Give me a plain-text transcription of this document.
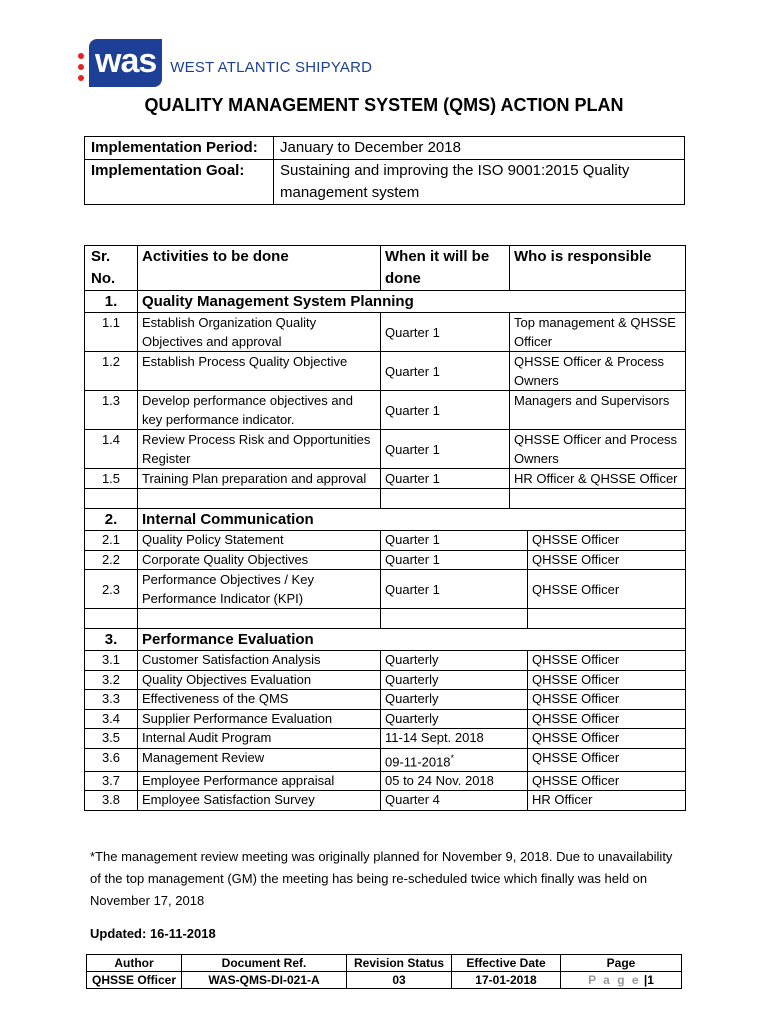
was WEST ATLANTIC SHIPYARD
QUALITY MANAGEMENT SYSTEM (QMS) ACTION PLAN
Implementation Period:	January to December 2018
Implementation Goal:	Sustaining and improving the ISO 9001:2015 Quality management system
Sr. No.	Activities to be done	When it will be done	Who is responsible	
1.	Quality Management System Planning			
1.1	Establish Organization Quality Objectives and approval	Quarter 1	Top management & QHSSE Officer	
1.2	Establish Process Quality Objective	Quarter 1	QHSSE Officer & Process Owners	
1.3	Develop performance objectives and key performance indicator.	Quarter 1	Managers and Supervisors	
1.4	Review Process Risk and Opportunities Register	Quarter 1	QHSSE Officer and Process Owners	
1.5	Training Plan preparation and approval	Quarter 1	HR Officer & QHSSE Officer	

2.	Internal Communication			
2.1	Quality Policy Statement	Quarter 1		QHSSE Officer
2.2	Corporate Quality Objectives	Quarter 1		QHSSE Officer
2.3	Performance Objectives / Key Performance Indicator (KPI)	Quarter 1		QHSSE Officer

3.	Performance Evaluation			
3.1	Customer Satisfaction Analysis	Quarterly		QHSSE Officer
3.2	Quality Objectives Evaluation	Quarterly		QHSSE Officer
3.3	Effectiveness of the QMS	Quarterly		QHSSE Officer
3.4	Supplier Performance Evaluation	Quarterly		QHSSE Officer
3.5	Internal Audit Program	11-14 Sept. 2018		QHSSE Officer
3.6	Management Review	09-11-2018*		QHSSE Officer
3.7	Employee Performance appraisal	05 to 24 Nov. 2018		QHSSE Officer
3.8	Employee Satisfaction Survey	Quarter 4		HR Officer
*The management review meeting was originally planned for November 9, 2018. Due to unavailability of the top management (GM) the meeting has being re-scheduled twice which finally was held on November 17, 2018
Updated: 16-11-2018
Author	Document Ref.	Revision Status	Effective Date	Page
QHSSE Officer	WAS-QMS-DI-021-A	03	17-01-2018	P a g e |1
